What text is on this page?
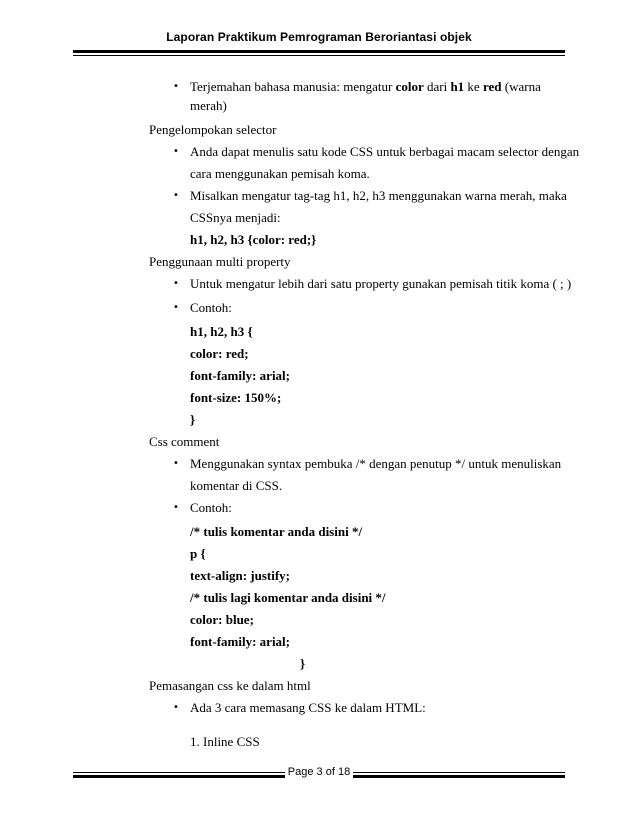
Laporan Praktikum Pemrograman Beroriantasi objek
• Terjemahan bahasa manusia: mengatur color dari h1 ke red (warna
merah)
Pengelompokan selector
• Anda dapat menulis satu kode CSS untuk berbagai macam selector dengan
cara menggunakan pemisah koma.
• Misalkan mengatur tag-tag h1, h2, h3 menggunakan warna merah, maka
CSSnya menjadi:
h1, h2, h3 {color: red;}
Penggunaan multi property
• Untuk mengatur lebih dari satu property gunakan pemisah titik koma ( ; )
• Contoh:
h1, h2, h3 {
color: red;
font-family: arial;
font-size: 150%;
}
Css comment
• Menggunakan syntax pembuka /* dengan penutup */ untuk menuliskan
komentar di CSS.
• Contoh:
/* tulis komentar anda disini */
p {
text-align: justify;
/* tulis lagi komentar anda disini */
color: blue;
font-family: arial;
}
Pemasangan css ke dalam html
• Ada 3 cara memasang CSS ke dalam HTML:
1. Inline CSS
Page 3 of 18
